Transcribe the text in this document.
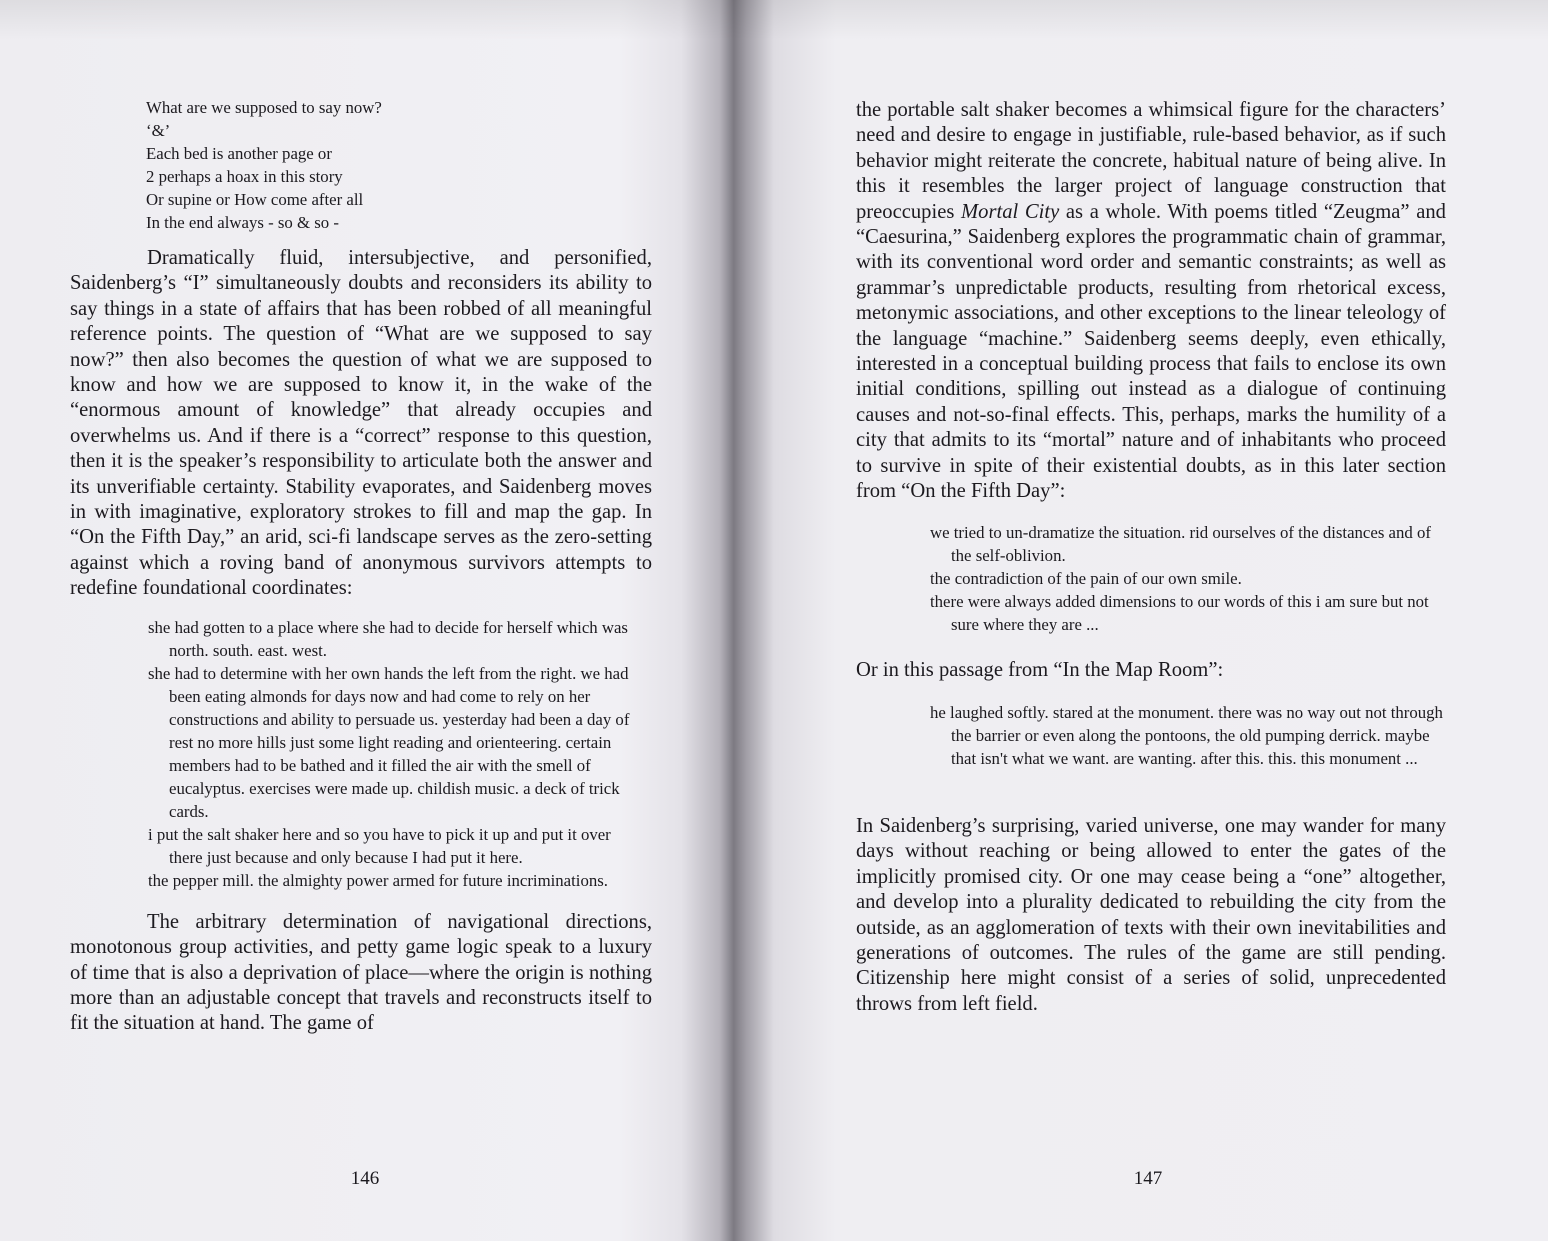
What are we supposed to say now?
‘&’
Each bed is another page or
2 perhaps a hoax in this story
Or supine or How come after all
In the end always - so & so -

Dramatically fluid, intersubjective, and personified, Saidenberg’s “I” simultaneously doubts and reconsiders its ability to say things in a state of affairs that has been robbed of all meaningful reference points. The question of “What are we supposed to say now?” then also becomes the question of what we are supposed to know and how we are supposed to know it, in the wake of the “enormous amount of knowledge” that already occupies and overwhelms us. And if there is a “correct” response to this question, then it is the speaker’s responsibility to articulate both the answer and its unverifiable certainty. Stability evaporates, and Saidenberg moves in with imaginative, exploratory strokes to fill and map the gap. In “On the Fifth Day,” an arid, sci-fi landscape serves as the zero-setting against which a roving band of anonymous survivors attempts to redefine foundational coordinates:

she had gotten to a place where she had to decide for herself which was north. south. east. west.
she had to determine with her own hands the left from the right. we had been eating almonds for days now and had come to rely on her constructions and ability to persuade us. yesterday had been a day of rest no more hills just some light reading and orienteering. certain members had to be bathed and it filled the air with the smell of eucalyptus. exercises were made up. childish music. a deck of trick cards.
i put the salt shaker here and so you have to pick it up and put it over there just because and only because I had put it here.
the pepper mill. the almighty power armed for future incriminations.

The arbitrary determination of navigational directions, monotonous group activities, and petty game logic speak to a luxury of time that is also a deprivation of place—where the origin is nothing more than an adjustable concept that travels and reconstructs itself to fit the situation at hand. The game of

146

the portable salt shaker becomes a whimsical figure for the characters’ need and desire to engage in justifiable, rule-based behavior, as if such behavior might reiterate the concrete, habitual nature of being alive. In this it resembles the larger project of language construction that preoccupies Mortal City as a whole. With poems titled “Zeugma” and “Caesurina,” Saidenberg explores the programmatic chain of grammar, with its conventional word order and semantic constraints; as well as grammar’s unpredictable products, resulting from rhetorical excess, metonymic associations, and other exceptions to the linear teleology of the language “machine.” Saidenberg seems deeply, even ethically, interested in a conceptual building process that fails to enclose its own initial conditions, spilling out instead as a dialogue of continuing causes and not-so-final effects. This, perhaps, marks the humility of a city that admits to its “mortal” nature and of inhabitants who proceed to survive in spite of their existential doubts, as in this later section from “On the Fifth Day”:

we tried to un-dramatize the situation. rid ourselves of the distances and of the self-oblivion.
the contradiction of the pain of our own smile.
there were always added dimensions to our words of this i am sure but not sure where they are ...

Or in this passage from “In the Map Room”:

he laughed softly. stared at the monument. there was no way out not through the barrier or even along the pontoons, the old pumping derrick. maybe that isn't what we want. are wanting. after this. this. this monument ...

In Saidenberg’s surprising, varied universe, one may wander for many days without reaching or being allowed to enter the gates of the implicitly promised city. Or one may cease being a “one” altogether, and develop into a plurality dedicated to rebuilding the city from the outside, as an agglomeration of texts with their own inevitabilities and generations of outcomes. The rules of the game are still pending. Citizenship here might consist of a series of solid, unprecedented throws from left field.

147
